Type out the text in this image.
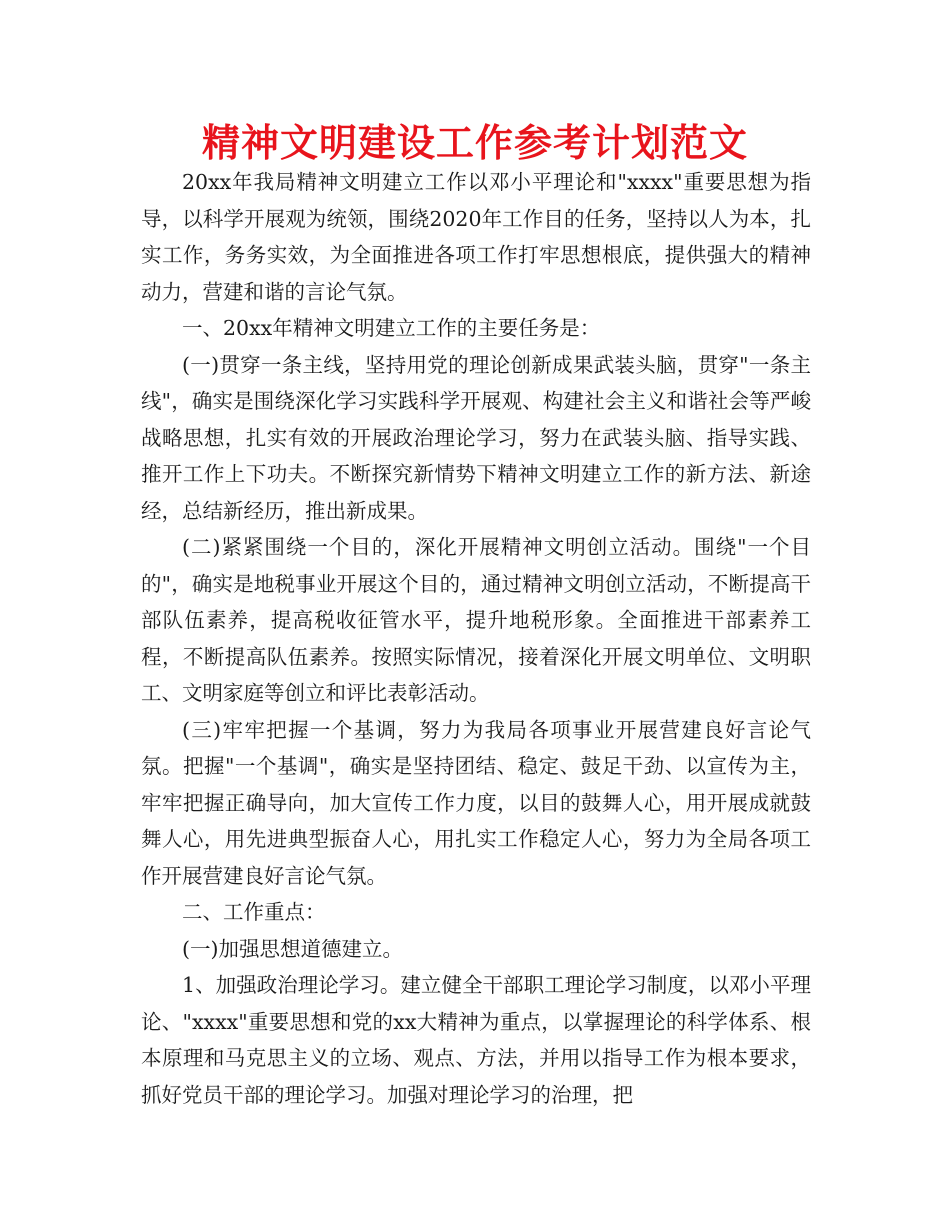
精神文明建设工作参考计划范文

20xx年我局精神文明建立工作以邓小平理论和"xxxx"重要思想为指导，以科学开展观为统领，围绕2020年工作目的任务，坚持以人为本，扎实工作，务务实效，为全面推进各项工作打牢思想根底，提供强大的精神动力，营建和谐的言论气氛。

一、20xx年精神文明建立工作的主要任务是：

(一)贯穿一条主线，坚持用党的理论创新成果武装头脑，贯穿"一条主线"，确实是围绕深化学习实践科学开展观、构建社会主义和谐社会等严峻战略思想，扎实有效的开展政治理论学习，努力在武装头脑、指导实践、推开工作上下功夫。不断探究新情势下精神文明建立工作的新方法、新途经，总结新经历，推出新成果。

(二)紧紧围绕一个目的，深化开展精神文明创立活动。围绕"一个目的"，确实是地税事业开展这个目的，通过精神文明创立活动，不断提高干部队伍素养，提高税收征管水平，提升地税形象。全面推进干部素养工程，不断提高队伍素养。按照实际情况，接着深化开展文明单位、文明职工、文明家庭等创立和评比表彰活动。

(三)牢牢把握一个基调，努力为我局各项事业开展营建良好言论气氛。把握"一个基调"，确实是坚持团结、稳定、鼓足干劲、以宣传为主，牢牢把握正确导向，加大宣传工作力度，以目的鼓舞人心，用开展成就鼓舞人心，用先进典型振奋人心，用扎实工作稳定人心，努力为全局各项工作开展营建良好言论气氛。

二、工作重点：

(一)加强思想道德建立。

1、加强政治理论学习。建立健全干部职工理论学习制度，以邓小平理论、"xxxx"重要思想和党的xx大精神为重点，以掌握理论的科学体系、根本原理和马克思主义的立场、观点、方法，并用以指导工作为根本要求，抓好党员干部的理论学习。加强对理论学习的治理，把
